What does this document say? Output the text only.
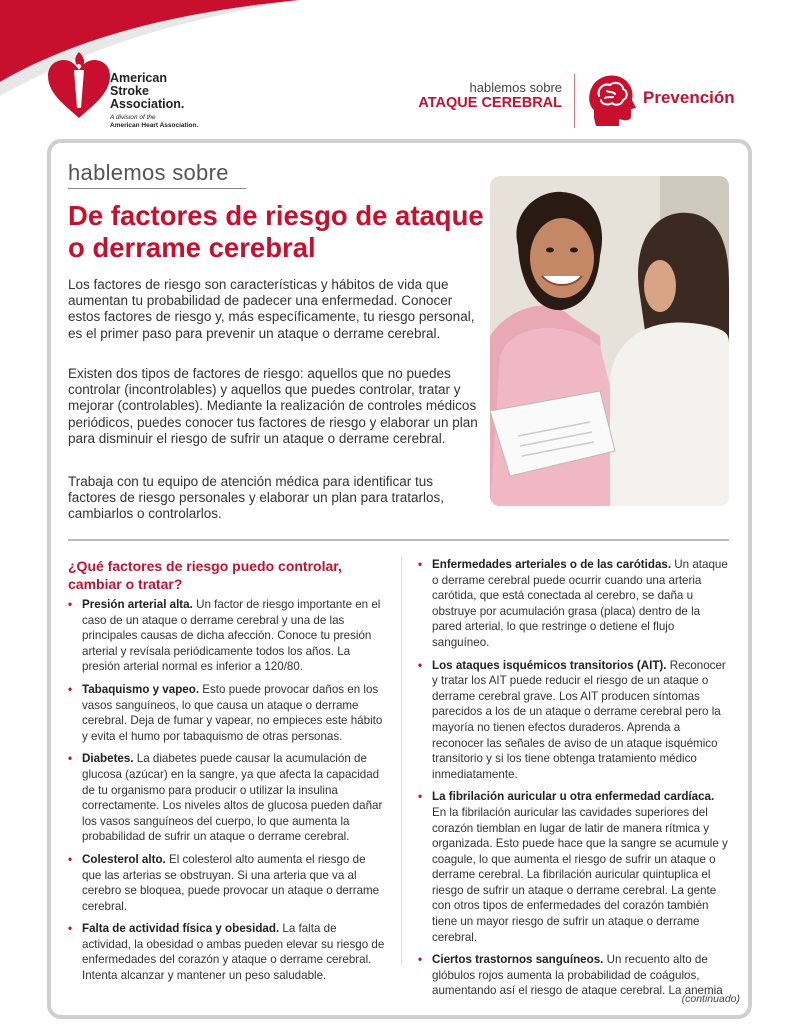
American
Stroke
Association.
A division of the
American Heart Association.
hablemos sobre
ATAQUE CEREBRAL	Prevención
hablemos sobre
De factores de riesgo de ataque o derrame cerebral

Los factores de riesgo son características y hábitos de vida que aumentan tu probabilidad de padecer una enfermedad. Conocer estos factores de riesgo y, más específicamente, tu riesgo personal, es el primer paso para prevenir un ataque o derrame cerebral.

Existen dos tipos de factores de riesgo: aquellos que no puedes controlar (incontrolables) y aquellos que puedes controlar, tratar y mejorar (controlables). Mediante la realización de controles médicos periódicos, puedes conocer tus factores de riesgo y elaborar un plan para disminuir el riesgo de sufrir un ataque o derrame cerebral.

Trabaja con tu equipo de atención médica para identificar tus factores de riesgo personales y elaborar un plan para tratarlos, cambiarlos o controlarlos.

¿Qué factores de riesgo puedo controlar, cambiar o tratar?
• Presión arterial alta. Un factor de riesgo importante en el caso de un ataque o derrame cerebral y una de las principales causas de dicha afección. Conoce tu presión arterial y revísala periódicamente todos los años. La presión arterial normal es inferior a 120/80.
• Tabaquismo y vapeo. Esto puede provocar daños en los vasos sanguíneos, lo que causa un ataque o derrame cerebral. Deja de fumar y vapear, no empieces este hábito y evita el humo por tabaquismo de otras personas.
• Diabetes. La diabetes puede causar la acumulación de glucosa (azúcar) en la sangre, ya que afecta la capacidad de tu organismo para producir o utilizar la insulina correctamente. Los niveles altos de glucosa pueden dañar los vasos sanguíneos del cuerpo, lo que aumenta la probabilidad de sufrir un ataque o derrame cerebral.
• Colesterol alto. El colesterol alto aumenta el riesgo de que las arterias se obstruyan. Si una arteria que va al cerebro se bloquea, puede provocar un ataque o derrame cerebral.
• Falta de actividad física y obesidad. La falta de actividad, la obesidad o ambas pueden elevar su riesgo de enfermedades del corazón y ataque o derrame cerebral. Intenta alcanzar y mantener un peso saludable.
• Enfermedades arteriales o de las carótidas. Un ataque o derrame cerebral puede ocurrir cuando una arteria carótida, que está conectada al cerebro, se daña u obstruye por acumulación grasa (placa) dentro de la pared arterial, lo que restringe o detiene el flujo sanguíneo.
• Los ataques isquémicos transitorios (AIT). Reconocer y tratar los AIT puede reducir el riesgo de un ataque o derrame cerebral grave. Los AIT producen síntomas parecidos a los de un ataque o derrame cerebral pero la mayoría no tienen efectos duraderos. Aprenda a reconocer las señales de aviso de un ataque isquémico transitorio y si los tiene obtenga tratamiento médico inmediatamente.
• La fibrilación auricular u otra enfermedad cardíaca. En la fibrilación auricular las cavidades superiores del corazón tiemblan en lugar de latir de manera rítmica y organizada. Esto puede hace que la sangre se acumule y coagule, lo que aumenta el riesgo de sufrir un ataque o derrame cerebral. La fibrilación auricular quintuplica el riesgo de sufrir un ataque o derrame cerebral. La gente con otros tipos de enfermedades del corazón también tiene un mayor riesgo de sufrir un ataque o derrame cerebral.
• Ciertos trastornos sanguíneos. Un recuento alto de glóbulos rojos aumenta la probabilidad de coágulos, aumentando así el riesgo de ataque cerebral. La anemia
(continuado)
